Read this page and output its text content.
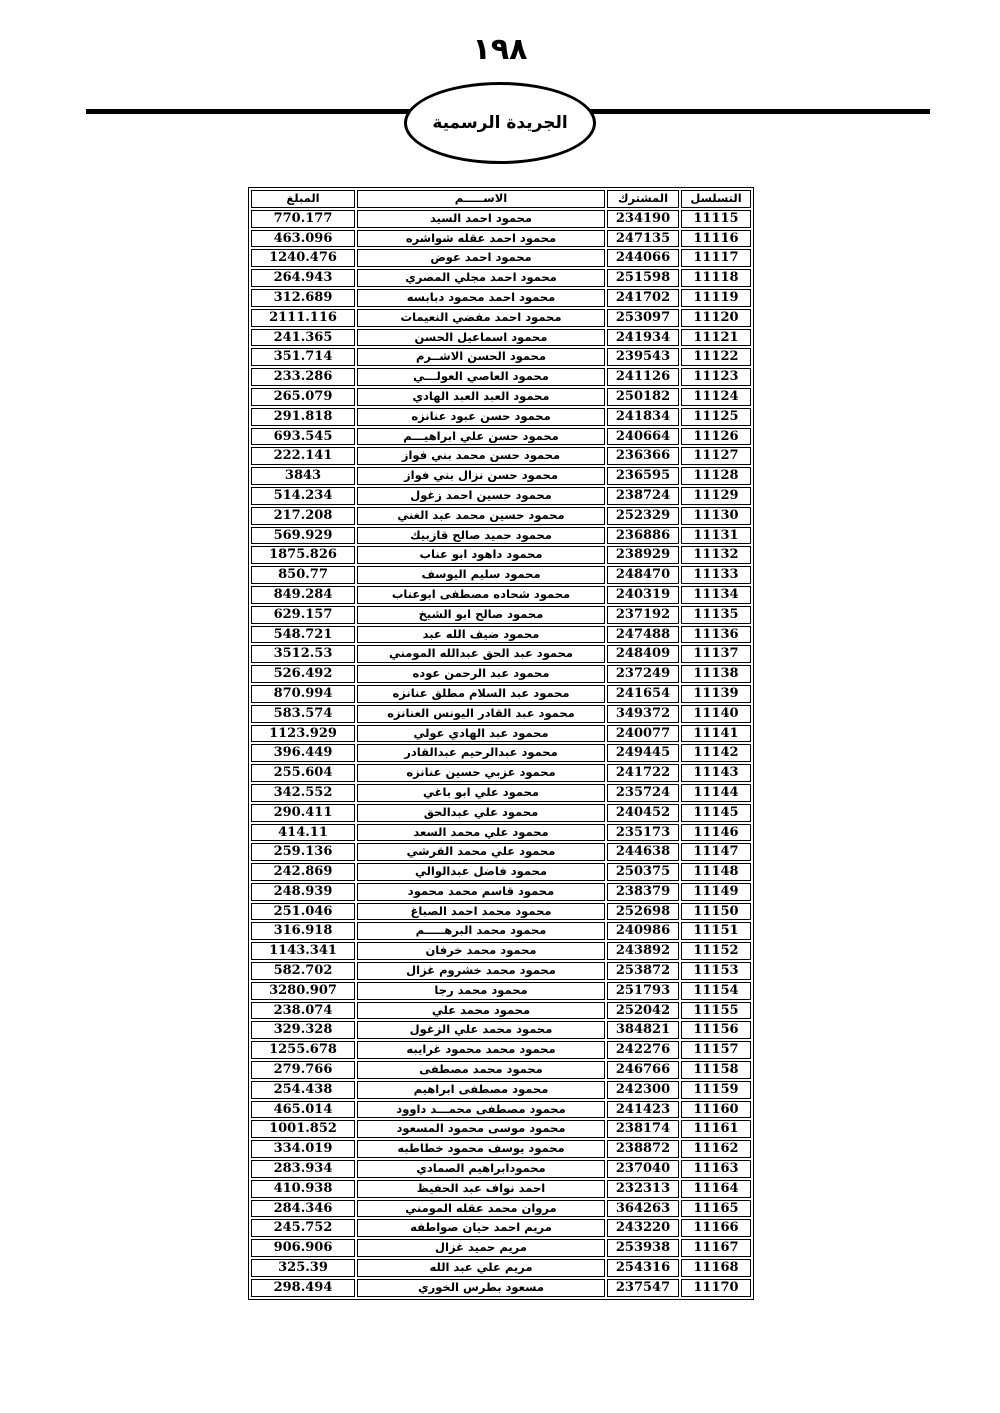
١٩٨
الجريدة الرسمية
المبلغ	الاســـــم	المشترك	التسلسل
770.177	محمود احمد السيد	234190	11115
463.096	محمود احمد عقله شواشره	247135	11116
1240.476	محمود احمد عوض	244066	11117
264.943	محمود احمد مجلي المصري	251598	11118
312.689	محمود احمد محمود دبابسه	241702	11119
2111.116	محمود احمد مفضي النعيمات	253097	11120
241.365	محمود اسماعيل الحسن	241934	11121
351.714	محمود الحسن الاشــرم	239543	11122
233.286	محمود العاصي العولـــي	241126	11123
265.079	محمود العبد العبد الهادي	250182	11124
291.818	محمود حسن عبود عنانزه	241834	11125
693.545	محمود حسن علي ابراهيـــم	240664	11126
222.141	محمود حسن محمد بني فواز	236366	11127
3843	محمود حسن نزال بني فواز	236595	11128
514.234	محمود حسين احمد زغول	238724	11129
217.208	محمود حسين محمد عبد الغني	252329	11130
569.929	محمود حميد صالح قازبيك	236886	11131
1875.826	محمود داهود ابو عناب	238929	11132
850.77	محمود سليم اليوسف	248470	11133
849.284	محمود شحاده مصطفى ابوعناب	240319	11134
629.157	محمود صالح ابو الشيخ	237192	11135
548.721	محمود ضيف الله عبد	247488	11136
3512.53	محمود عبد الحق عبدالله المومني	248409	11137
526.492	محمود عبد الرحمن عوده	237249	11138
870.994	محمود عبد السلام مطلق عنانزه	241654	11139
583.574	محمود عبد القادر اليونس العنانزه	349372	11140
1123.929	محمود عبد الهادي عولي	240077	11141
396.449	محمود عبدالرحيم عبدالقادر	249445	11142
255.604	محمود عزبي حسين عنانزه	241722	11143
342.552	محمود علي ابو باغي	235724	11144
290.411	محمود علي عبدالحق	240452	11145
414.11	محمود علي محمد السعد	235173	11146
259.136	محمود علي محمد القرشي	244638	11147
242.869	محمود فاضل عبدالوالي	250375	11148
248.939	محمود قاسم محمد محمود	238379	11149
251.046	محمود محمد احمد الصباغ	252698	11150
316.918	محمود محمد البرهـــــم	240986	11151
1143.341	محمود محمد خرفان	243892	11152
582.702	محمود محمد خشروم غزال	253872	11153
3280.907	محمود محمد رجا	251793	11154
238.074	محمود محمد علي	252042	11155
329.328	محمود محمد علي الزغول	384821	11156
1255.678	محمود محمد محمود غرايبه	242276	11157
279.766	محمود محمد مصطفى	246766	11158
254.438	محمود مصطفى ابراهيم	242300	11159
465.014	محمود مصطفى محمـــد داوود	241423	11160
1001.852	محمود موسى محمود المسعود	238174	11161
334.019	محمود يوسف محمود خطاطبه	238872	11162
283.934	محمودابراهيم الصمادي	237040	11163
410.938	احمد نواف عبد الحفيظ	232313	11164
284.346	مروان محمد عقله المومني	364263	11165
245.752	مريم احمد حيان صواطفه	243220	11166
906.906	مريم حميد غزال	253938	11167
325.39	مريم علي عبد الله	254316	11168
298.494	مسعود بطرس الخوري	237547	11170
